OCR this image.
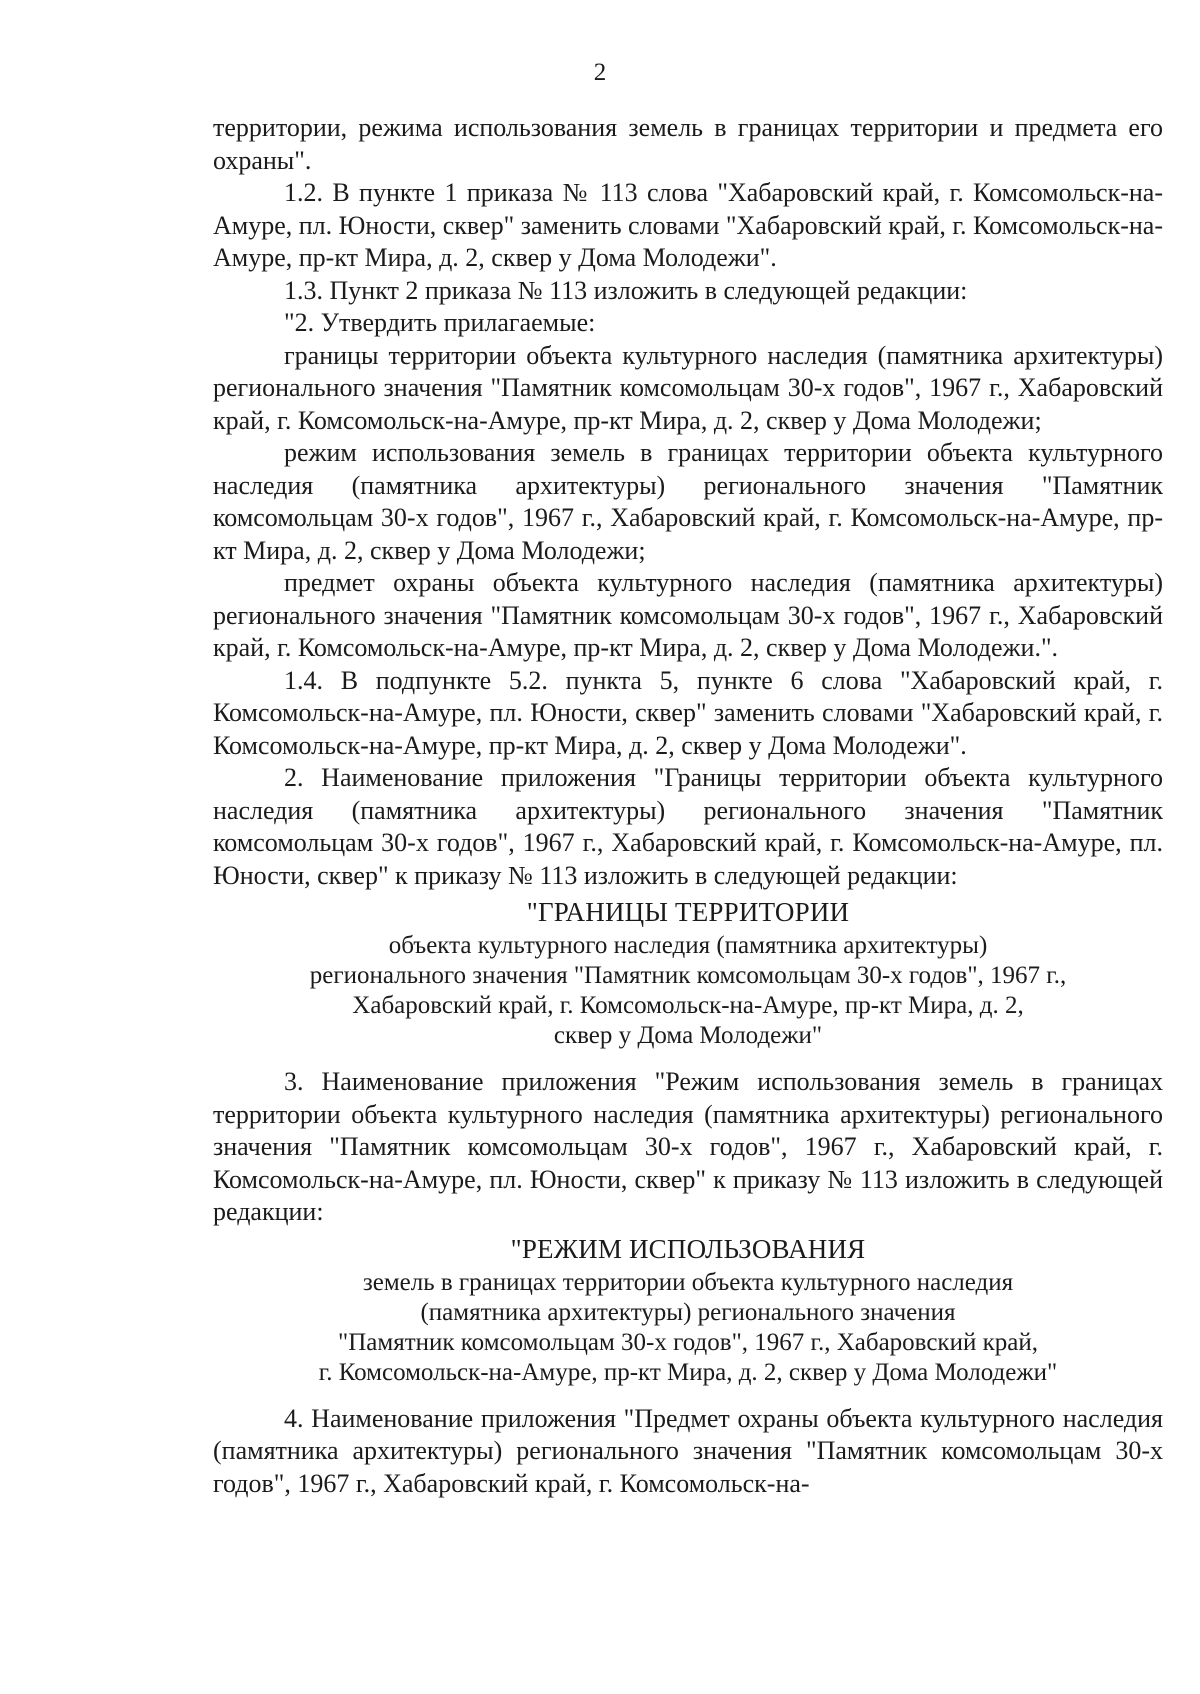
2

территории, режима использования земель в границах территории и предмета его охраны".

1.2. В пункте 1 приказа № 113 слова "Хабаровский край, г. Комсомольск-на-Амуре, пл. Юности, сквер" заменить словами "Хабаровский край, г. Комсомольск-на-Амуре, пр-кт Мира, д. 2, сквер у Дома Молодежи".

1.3. Пункт 2 приказа № 113 изложить в следующей редакции:

"2. Утвердить прилагаемые:

границы территории объекта культурного наследия (памятника архитектуры) регионального значения "Памятник комсомольцам 30-х годов", 1967 г., Хабаровский край, г. Комсомольск-на-Амуре, пр-кт Мира, д. 2, сквер у Дома Молодежи;

режим использования земель в границах территории объекта культурного наследия (памятника архитектуры) регионального значения "Памятник комсомольцам 30-х годов", 1967 г., Хабаровский край, г. Комсомольск-на-Амуре, пр-кт Мира, д. 2, сквер у Дома Молодежи;

предмет охраны объекта культурного наследия (памятника архитектуры) регионального значения "Памятник комсомольцам 30-х годов", 1967 г., Хабаровский край, г. Комсомольск-на-Амуре, пр-кт Мира, д. 2, сквер у Дома Молодежи.".

1.4. В подпункте 5.2. пункта 5, пункте 6 слова "Хабаровский край, г. Комсомольск-на-Амуре, пл. Юности, сквер" заменить словами "Хабаровский край, г. Комсомольск-на-Амуре, пр-кт Мира, д. 2, сквер у Дома Молодежи".

2. Наименование приложения "Границы территории объекта культурного наследия (памятника архитектуры) регионального значения "Памятник комсомольцам 30-х годов", 1967 г., Хабаровский край, г. Комсомольск-на-Амуре, пл. Юности, сквер" к приказу № 113 изложить в следующей редакции:

"ГРАНИЦЫ ТЕРРИТОРИИ

объекта культурного наследия (памятника архитектуры)

регионального значения "Памятник комсомольцам 30-х годов", 1967 г.,

Хабаровский край, г. Комсомольск-на-Амуре, пр-кт Мира, д. 2,

сквер у Дома Молодежи"

3. Наименование приложения "Режим использования земель в границах территории объекта культурного наследия (памятника архитектуры) регионального значения "Памятник комсомольцам 30-х годов", 1967 г., Хабаровский край, г. Комсомольск-на-Амуре, пл. Юности, сквер" к приказу № 113 изложить в следующей редакции:

"РЕЖИМ ИСПОЛЬЗОВАНИЯ

земель в границах территории объекта культурного наследия

(памятника архитектуры) регионального значения

"Памятник комсомольцам 30-х годов", 1967 г., Хабаровский край,

г. Комсомольск-на-Амуре, пр-кт Мира, д. 2, сквер у Дома Молодежи"

4. Наименование приложения "Предмет охраны объекта культурного наследия (памятника архитектуры) регионального значения "Памятник комсомольцам 30-х годов", 1967 г., Хабаровский край, г. Комсомольск-на-
